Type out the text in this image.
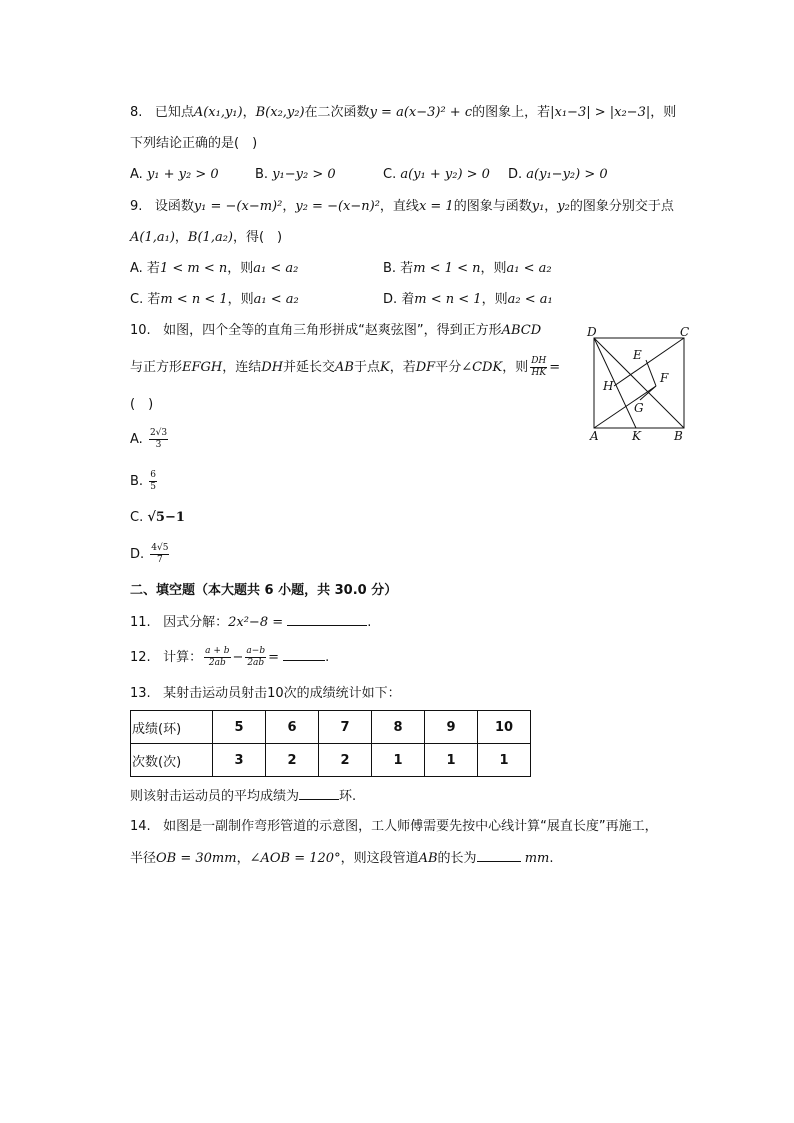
8. 已知点A(x₁,y₁)，B(x₂,y₂)在二次函数y = a(x−3)² + c的图象上，若|x₁−3| > |x₂−3|，则
下列结论正确的是(　)
A. y₁ + y₂ > 0	B. y₁−y₂ > 0	C. a(y₁ + y₂) > 0 D. a(y₁−y₂) > 0
9. 设函数y₁ = −(x−m)²，y₂ = −(x−n)²，直线x = 1的图象与函数y₁，y₂的图象分别交于点
A(1,a₁)，B(1,a₂)，得(　)
A. 若1 < m < n，则a₁ < a₂	B. 若m < 1 < n，则a₁ < a₂
C. 若m < n < 1，则a₁ < a₂	D. 着m < n < 1，则a₂ < a₁
10. 如图，四个全等的直角三角形拼成“赵爽弦图”，得到正方形ABCD
与正方形EFGH，连结DH并延长交AB于点K，若DF平分∠CDK，则 $\frac{DH}{HK}$ =
(　)
A. $\frac{2√3}{3}$
B. $\frac{6}{5}$
C. √5−1
D. $\frac{4√5}{7}$
D	C
A	K	B
E
F
G
H
二、填空题（本大题共 6 小题，共 30.0 分）
11. 因式分解：2x²−8 =	.
12. 计算： $\frac{a + b}{2ab} - \frac{a-b}{2ab}$ =	.
13. 某射击运动员射击10次的成绩统计如下：
成绩(环)	5	6	7	8	9	10
次数(次)	3	2	2	1	1	1
则该射击运动员的平均成绩为	环.
14. 如图是一副制作弯形管道的示意图，工人师傅需要先按中心线计算“展直长度”再施工，
半径OB = 30mm，∠AOB = 120°，则这段管道AB的长为	mm.
